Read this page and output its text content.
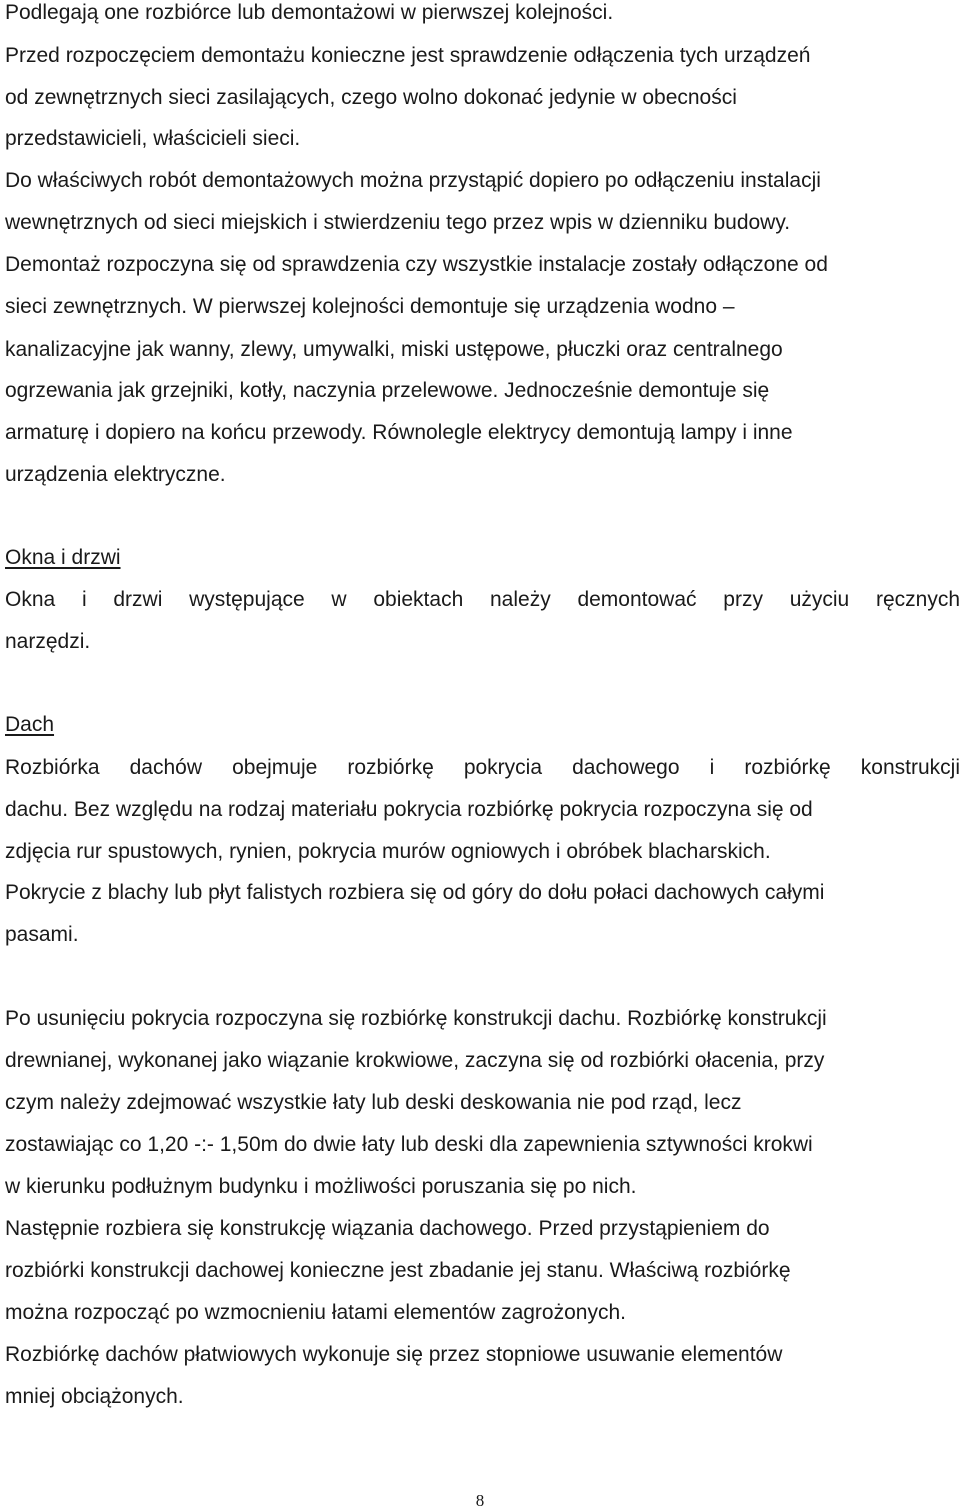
Podlegają one rozbiórce lub demontażowi w pierwszej kolejności.
Przed rozpoczęciem demontażu konieczne jest sprawdzenie odłączenia tych urządzeń
od zewnętrznych sieci zasilających, czego wolno dokonać jedynie w obecności
przedstawicieli, właścicieli sieci.
Do właściwych robót demontażowych można przystąpić dopiero po odłączeniu instalacji
wewnętrznych od sieci miejskich i stwierdzeniu tego przez wpis w dzienniku budowy.
Demontaż rozpoczyna się od sprawdzenia czy wszystkie instalacje zostały odłączone od
sieci zewnętrznych. W pierwszej kolejności demontuje się urządzenia wodno –
kanalizacyjne jak wanny, zlewy, umywalki, miski ustępowe, płuczki oraz centralnego
ogrzewania jak grzejniki, kotły, naczynia przelewowe. Jednocześnie demontuje się
armaturę i dopiero na końcu przewody. Równolegle elektrycy demontują lampy i inne
urządzenia elektryczne.
Okna i drzwi
Okna i drzwi występujące w obiektach należy demontować przy użyciu ręcznych
narzędzi.
Dach
Rozbiórka dachów obejmuje rozbiórkę pokrycia dachowego i rozbiórkę konstrukcji
dachu. Bez względu na rodzaj materiału pokrycia rozbiórkę pokrycia rozpoczyna się od
zdjęcia rur spustowych, rynien, pokrycia murów ogniowych i obróbek blacharskich.
Pokrycie z blachy lub płyt falistych rozbiera się od góry do dołu połaci dachowych całymi
pasami.
Po usunięciu pokrycia rozpoczyna się rozbiórkę konstrukcji dachu. Rozbiórkę konstrukcji
drewnianej, wykonanej jako wiązanie krokwiowe, zaczyna się od rozbiórki ołacenia, przy
czym należy zdejmować wszystkie łaty lub deski deskowania nie pod rząd, lecz
zostawiając co 1,20 -:- 1,50m do dwie łaty lub deski dla zapewnienia sztywności krokwi
w kierunku podłużnym budynku i możliwości poruszania się po nich.
Następnie rozbiera się konstrukcję wiązania dachowego. Przed przystąpieniem do
rozbiórki konstrukcji dachowej konieczne jest zbadanie jej stanu. Właściwą rozbiórkę
można rozpocząć po wzmocnieniu łatami elementów zagrożonych.
Rozbiórkę dachów płatwiowych wykonuje się przez stopniowe usuwanie elementów
mniej obciążonych.
8
